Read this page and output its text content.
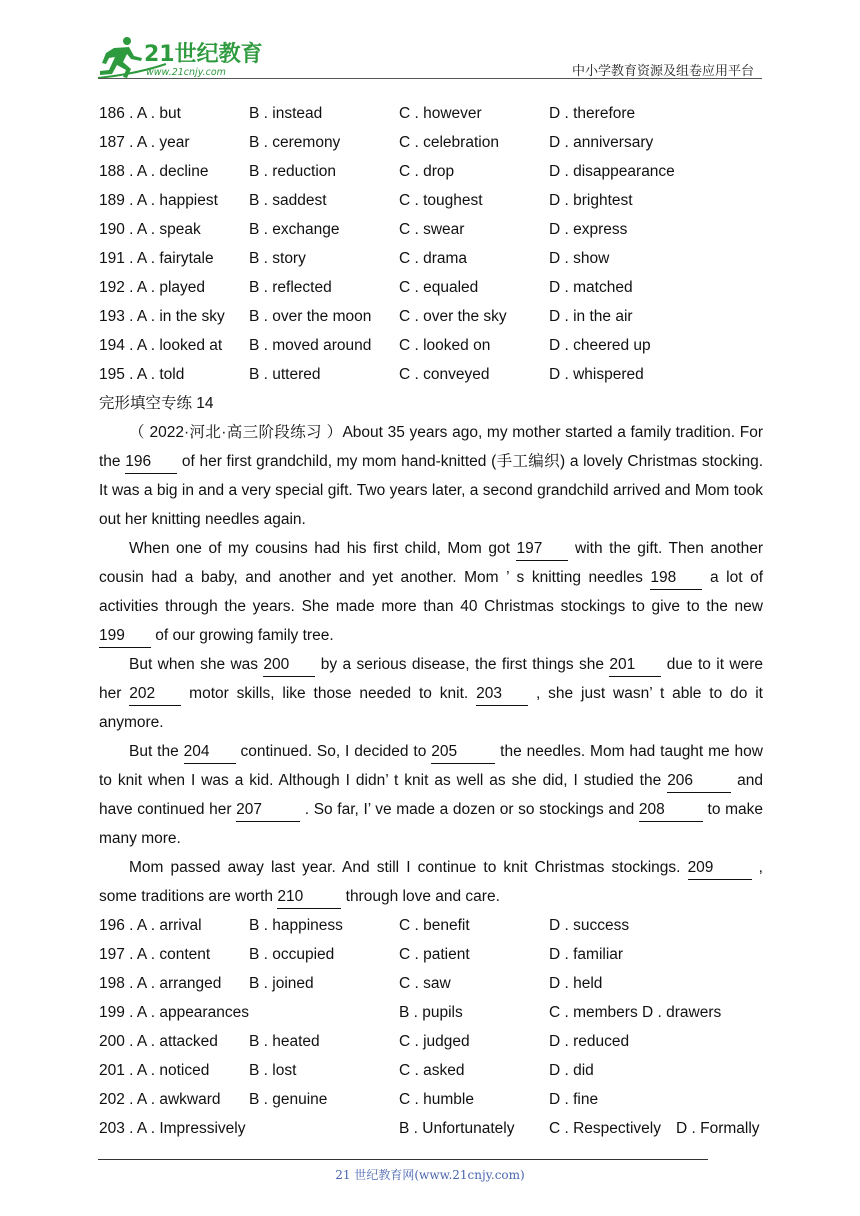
21世纪教育
www.21cnjy.com	中小学教育资源及组卷应用平台
186 . A . but	B . instead	C . however	D . therefore
187 . A . year	B . ceremony	C . celebration	D . anniversary
188 . A . decline	B . reduction	C . drop	D . disappearance
189 . A . happiest B . saddest	C . toughest	D . brightest
190 . A . speak	B . exchange	C . swear	D . express
191 . A . fairytale B . story	C . drama	D . show
192 . A . played	B . reflected	C . equaled	D . matched
193 . A . in the sky B . over the moon C . over the sky	D . in the air
194 . A . looked at B . moved around C . looked on	D . cheered up
195 . A . told	B . uttered	C . conveyed	D . whispered
完形填空专练 14

（ 2022·河北·高三阶段练习 ）About 35 years ago, my mother started a family tradition. For the 196 of her first grandchild, my mom hand-knitted (手工编织) a lovely Christmas stocking. It was a big in and a very special gift. Two years later, a second grandchild arrived and Mom took out her knitting needles again.

When one of my cousins had his first child, Mom got 197 with the gift. Then another cousin had a baby, and another and yet another. Mom ’ s knitting needles 198 a lot of activities through the years. She made more than 40 Christmas stockings to give to the new 199 of our growing family tree.

But when she was 200 by a serious disease, the first things she 201 due to it were her 202 motor skills, like those needed to knit. 203 , she just wasn’ t able to do it anymore.

But the 204 continued. So, I decided to 205 the needles. Mom had taught me how to knit when I was a kid. Although I didn’ t knit as well as she did, I studied the 206 and have continued her 207 . So far, I’ ve made a dozen or so stockings and 208 to make many more.

Mom passed away last year. And still I continue to knit Christmas stockings. 209 , some traditions are worth 210 through love and care.

196 . A . arrival	B . happiness	C . benefit	D . success
197 . A . content	B . occupied	C . patient	D . familiar
198 . A . arranged B . joined	C . saw	D . held
199 . A . appearances	B . pupils	C . members D . drawers
200 . A . attacked B . heated	C . judged	D . reduced
201 . A . noticed	B . lost	C . asked	D . did
202 . A . awkward B . genuine	C . humble	D . fine
203 . A . Impressively	B . Unfortunately C . Respectively D . Formally
21 世纪教育网(www.21cnjy.com)
